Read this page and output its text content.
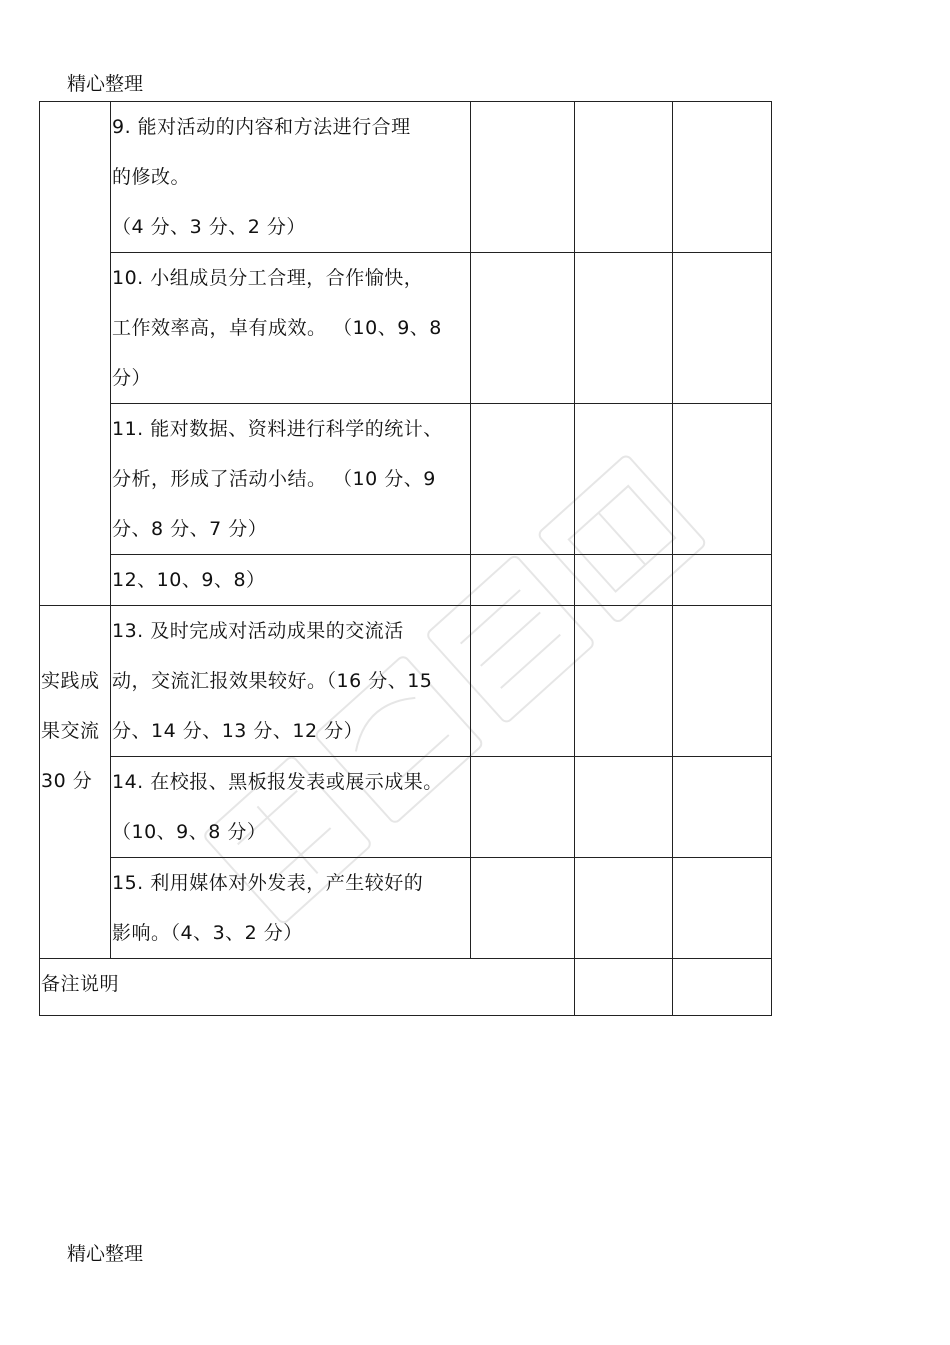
精心整理

	9. 能对活动的内容和方法进行合理
的修改。
（4 分、3 分、2 分）			

	10. 小组成员分工合理，合作愉快，
工作效率高，卓有成效。 （10、9、8
分）			

	11. 能对数据、资料进行科学的统计、
分析，形成了活动小结。 （10 分、9
分、8 分、7 分）			

	12、10、9、8）			

实践成
果交流
30 分	13. 及时完成对活动成果的交流活
动，交流汇报效果较好。（16 分、15
分、14 分、13 分、12 分）			

	14. 在校报、黑板报发表或展示成果。
（10、9、8 分）			

	15. 利用媒体对外发表，产生较好的
影响。（4、3、2 分）			

备注说明				

精心整理
